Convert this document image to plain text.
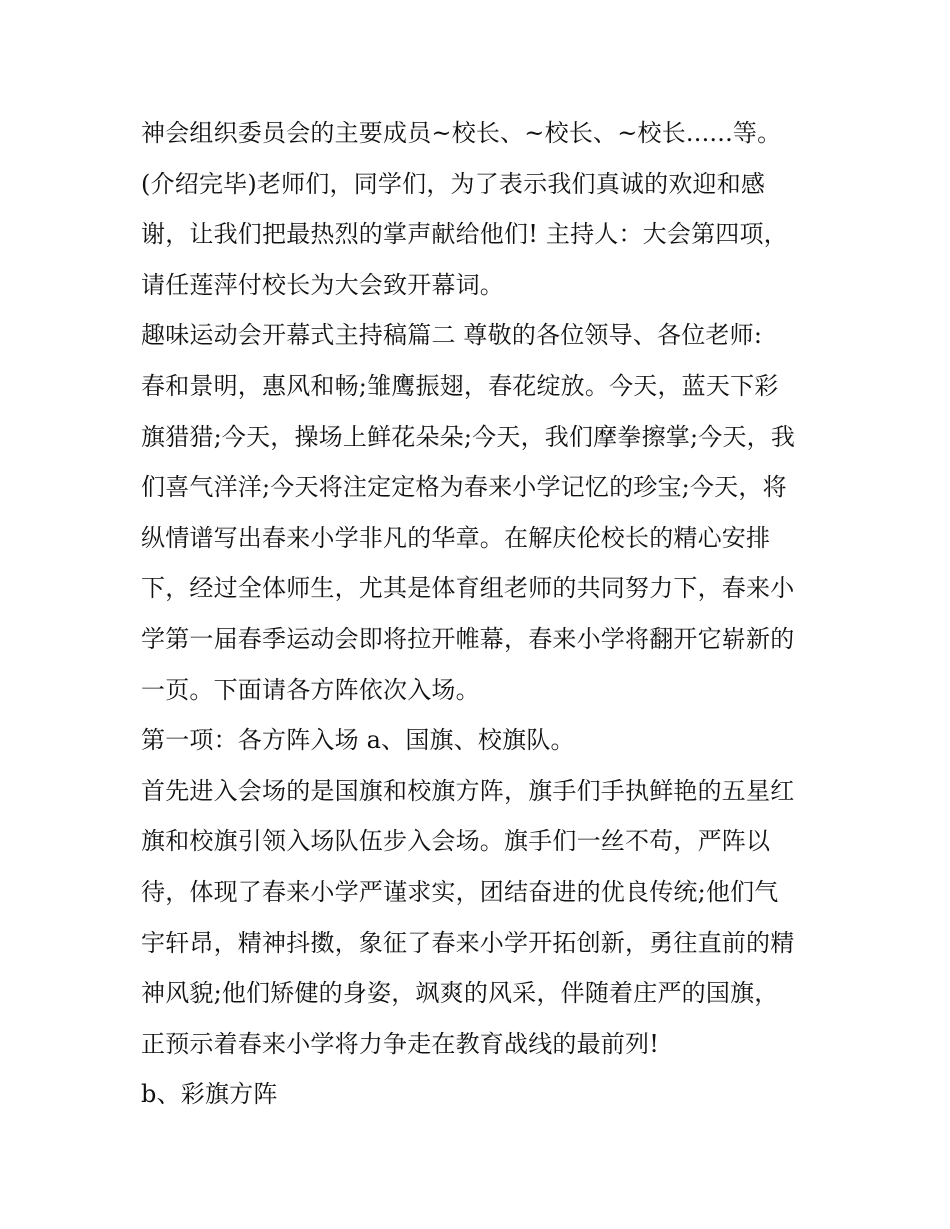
神会组织委员会的主要成员~校长、~校长、~校长......等。
(介绍完毕)老师们，同学们，为了表示我们真诚的欢迎和感
谢，让我们把最热烈的掌声献给他们! 主持人：大会第四项，
请任莲萍付校长为大会致开幕词。
趣味运动会开幕式主持稿篇二 尊敬的各位领导、各位老师:
春和景明，惠风和畅;雏鹰振翅，春花绽放。今天，蓝天下彩
旗猎猎;今天，操场上鲜花朵朵;今天，我们摩拳擦掌;今天，我
们喜气洋洋;今天将注定定格为春来小学记忆的珍宝;今天，将
纵情谱写出春来小学非凡的华章。在解庆伦校长的精心安排
下，经过全体师生，尤其是体育组老师的共同努力下，春来小
学第一届春季运动会即将拉开帷幕，春来小学将翻开它崭新的
一页。下面请各方阵依次入场。
第一项：各方阵入场 a、国旗、校旗队。
首先进入会场的是国旗和校旗方阵，旗手们手执鲜艳的五星红
旗和校旗引领入场队伍步入会场。旗手们一丝不苟，严阵以
待，体现了春来小学严谨求实，团结奋进的优良传统;他们气
宇轩昂，精神抖擞，象征了春来小学开拓创新，勇往直前的精
神风貌;他们矫健的身姿，飒爽的风采，伴随着庄严的国旗，
正预示着春来小学将力争走在教育战线的最前列!
b、彩旗方阵
